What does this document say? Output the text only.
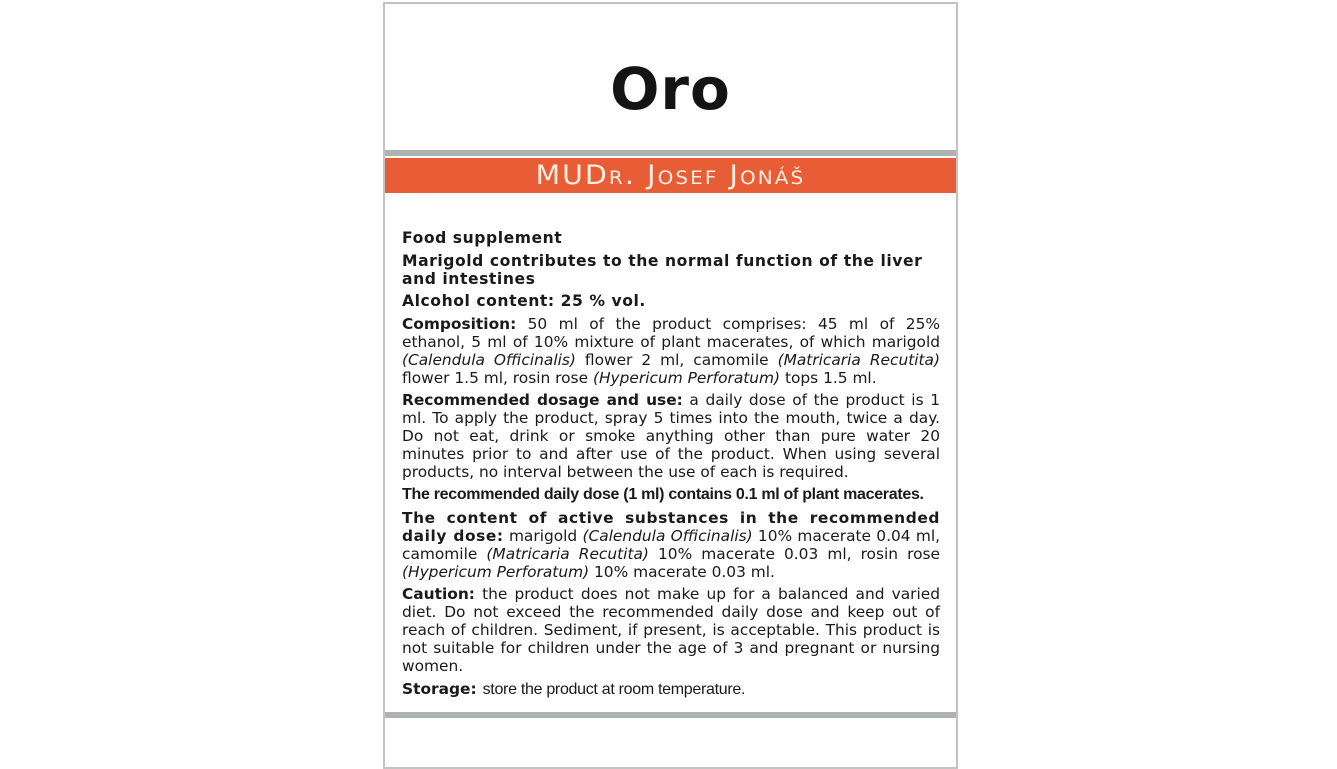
Oro
MUDr. Josef Jonáš

Food supplement

Marigold contributes to the normal function of the liver and intestines

Alcohol content: 25 % vol.

Composition: 50 ml of the product comprises: 45 ml of 25% ethanol, 5 ml of 10% mixture of plant macerates, of which marigold (Calendula Officinalis) flower 2 ml, camomile (Matricaria Recutita) flower 1.5 ml, rosin rose (Hypericum Perforatum) tops 1.5 ml.

Recommended dosage and use: a daily dose of the product is 1 ml. To apply the product, spray 5 times into the mouth, twice a day. Do not eat, drink or smoke anything other than pure water 20 minutes prior to and after use of the product. When using several products, no interval between the use of each is required.

The recommended daily dose (1 ml) contains 0.1 ml of plant macerates.

The content of active substances in the recommended daily dose: marigold (Calendula Officinalis) 10% macerate 0.04 ml, camomile (Matricaria Recutita) 10% macerate 0.03 ml, rosin rose (Hypericum Perforatum) 10% macerate 0.03 ml.

Caution: the product does not make up for a balanced and varied diet. Do not exceed the recommended daily dose and keep out of reach of children. Sediment, if present, is acceptable. This product is not suitable for children under the age of 3 and pregnant or nursing women.

Storage: store the product at room temperature.
